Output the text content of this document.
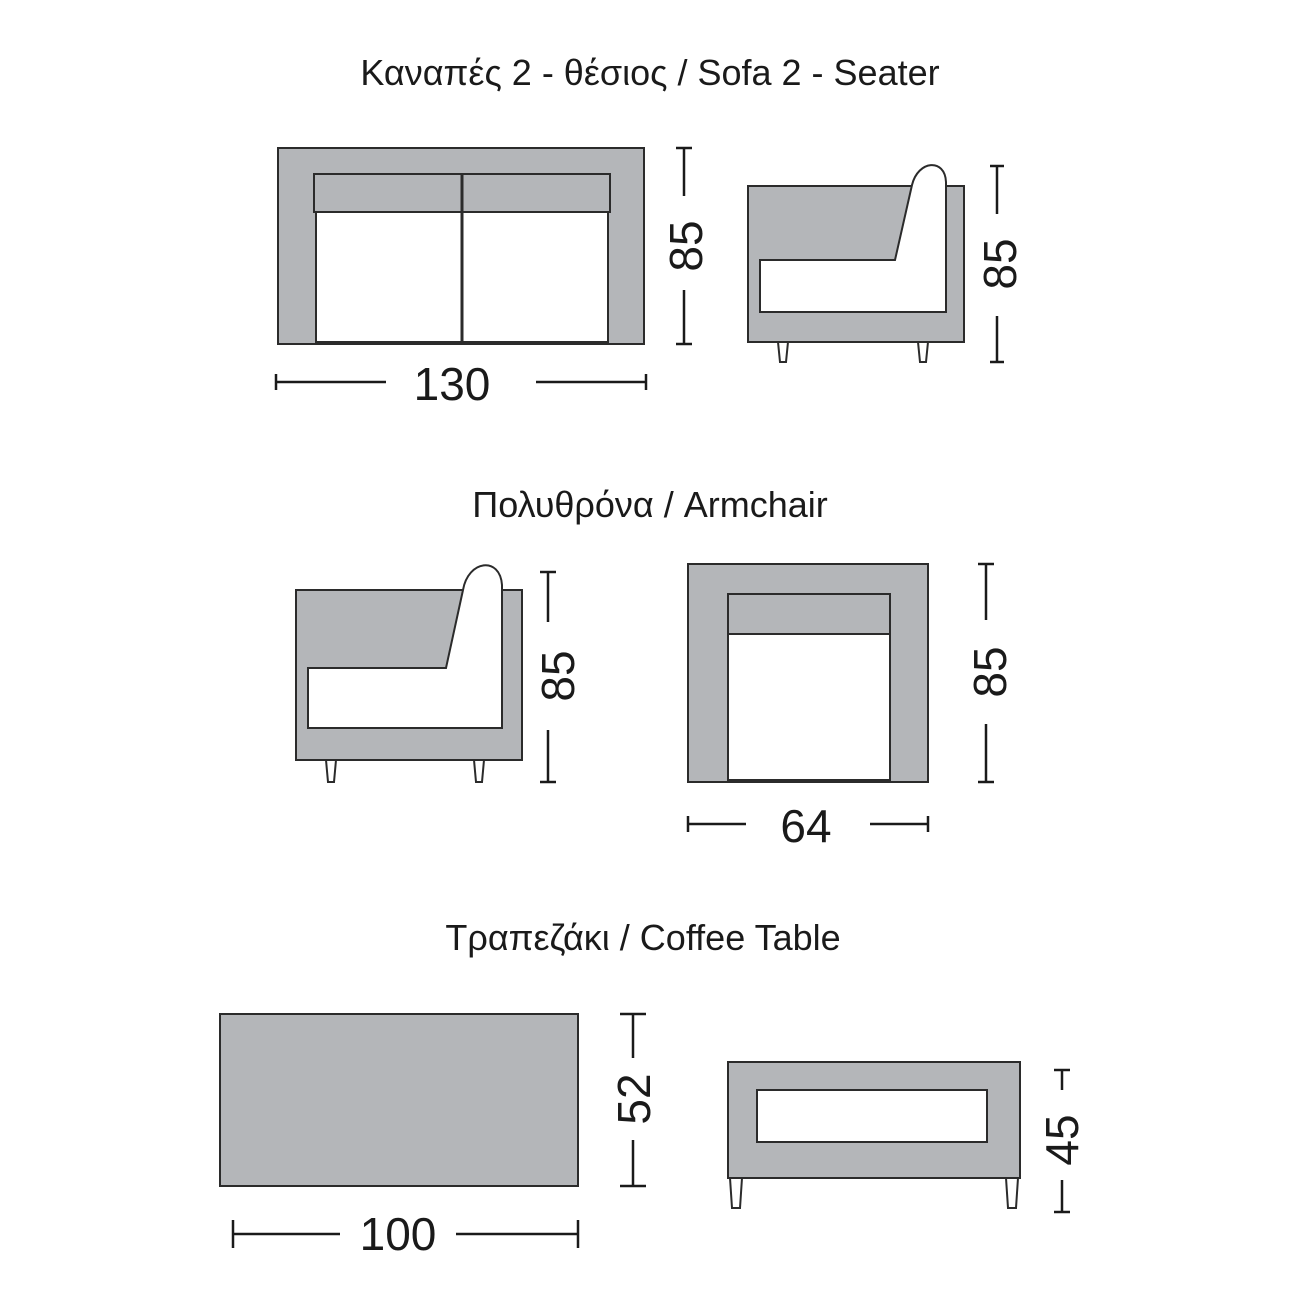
Καναπές 2 - θέσιος / Sofa 2 - Seater
85
130
85
Πολυθρόνα / Armchair
85	85
64
Τραπεζάκι / Coffee Table
52
100
45
